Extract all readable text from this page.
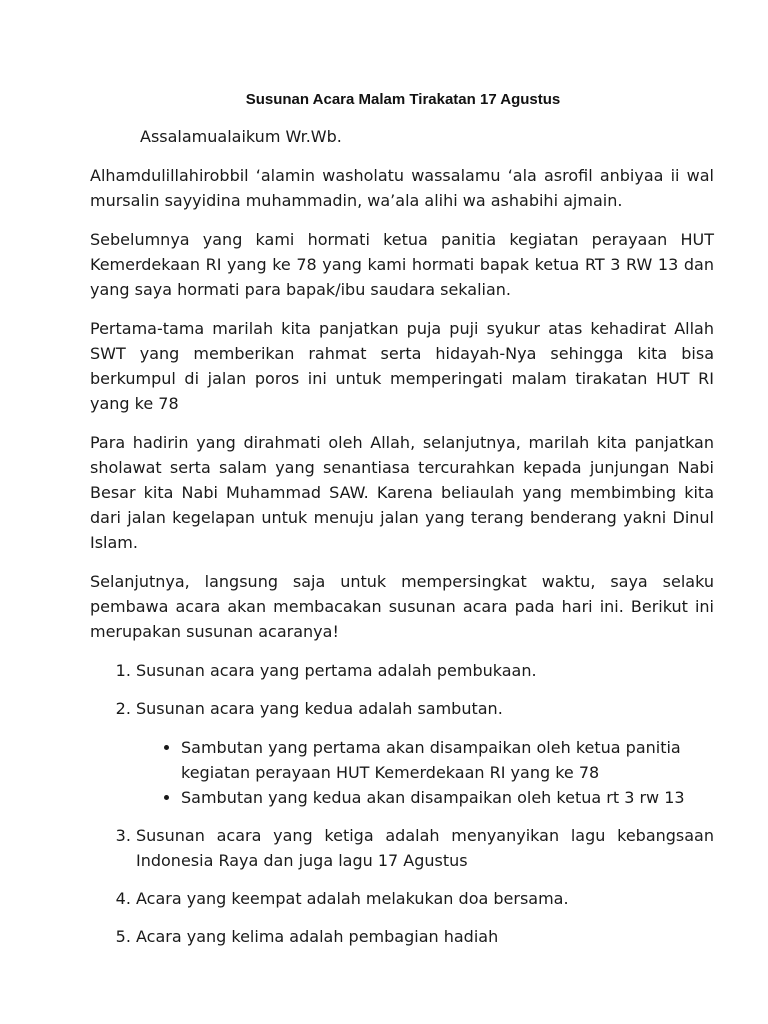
Susunan Acara Malam Tirakatan 17 Agustus

Assalamualaikum Wr.Wb.

Alhamdulillahirobbil ‘alamin washolatu wassalamu ‘ala asrofil anbiyaa ii wal mursalin sayyidina muhammadin, wa’ala alihi wa ashabihi ajmain.

Sebelumnya yang kami hormati ketua panitia kegiatan perayaan HUT Kemerdekaan RI yang ke 78 yang kami hormati bapak ketua RT 3 RW 13 dan yang saya hormati para bapak/ibu saudara sekalian.

Pertama-tama marilah kita panjatkan puja puji syukur atas kehadirat Allah SWT yang memberikan rahmat serta hidayah-Nya sehingga kita bisa berkumpul di jalan poros ini untuk memperingati malam tirakatan HUT RI yang ke 78

Para hadirin yang dirahmati oleh Allah, selanjutnya, marilah kita panjatkan sholawat serta salam yang senantiasa tercurahkan kepada junjungan Nabi Besar kita Nabi Muhammad SAW. Karena beliaulah yang membimbing kita dari jalan kegelapan untuk menuju jalan yang terang benderang yakni Dinul Islam.

Selanjutnya, langsung saja untuk mempersingkat waktu, saya selaku pembawa acara akan membacakan susunan acara pada hari ini. Berikut ini merupakan susunan acaranya!

1. Susunan acara yang pertama adalah pembukaan.
2. Susunan acara yang kedua adalah sambutan.
• Sambutan yang pertama akan disampaikan oleh ketua panitia kegiatan perayaan HUT Kemerdekaan RI yang ke 78
• Sambutan yang kedua akan disampaikan oleh ketua rt 3 rw 13
3. Susunan acara yang ketiga adalah menyanyikan lagu kebangsaan Indonesia Raya dan juga lagu 17 Agustus
4. Acara yang keempat adalah melakukan doa bersama.
5. Acara yang kelima adalah pembagian hadiah
